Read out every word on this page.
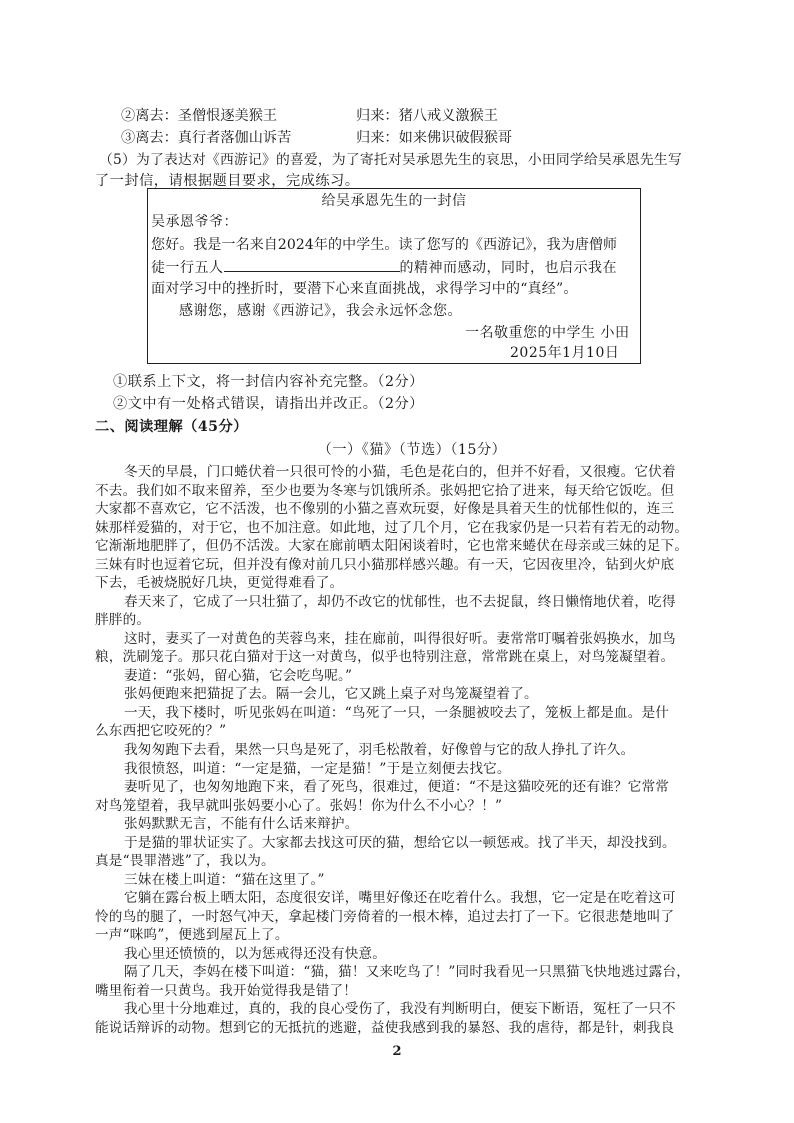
②离去：圣僧恨逐美猴王	归来：猪八戒义激猴王
③离去：真行者落伽山诉苦	归来：如来佛识破假猴哥
（5）为了表达对《西游记》的喜爱，为了寄托对吴承恩先生的哀思，小田同学给吴承恩先生写
了一封信，请根据题目要求，完成练习。
给吴承恩先生的一封信
吴承恩爷爷：
您好。我是一名来自2024年的中学生。读了您写的《西游记》，我为唐僧师
徒一行五人	的精神而感动，同时，也启示我在
面对学习中的挫折时，要潜下心来直面挑战，求得学习中的“真经”。
感谢您，感谢《西游记》，我会永远怀念您。
一名敬重您的中学生 小田
2025年1月10日
①联系上下文，将一封信内容补充完整。（2分）
②文中有一处格式错误，请指出并改正。（2分）
二、阅读理解（45分）
（一）《猫》（节选）（15分）
2
冬天的早晨，门口蜷伏着一只很可怜的小猫，毛色是花白的，但并不好看，又很瘦。它伏着
不去。我们如不取来留养，至少也要为冬寒与饥饿所杀。张妈把它拾了进来，每天给它饭吃。但
大家都不喜欢它，它不活泼，也不像别的小猫之喜欢玩耍，好像是具着天生的忧郁性似的，连三
妹那样爱猫的，对于它，也不加注意。如此地，过了几个月，它在我家仍是一只若有若无的动物。
它渐渐地肥胖了，但仍不活泼。大家在廊前晒太阳闲谈着时，它也常来蜷伏在母亲或三妹的足下。
三妹有时也逗着它玩，但并没有像对前几只小猫那样感兴趣。有一天，它因夜里冷，钻到火炉底
下去，毛被烧脱好几块，更觉得难看了。
春天来了，它成了一只壮猫了，却仍不改它的忧郁性，也不去捉鼠，终日懒惰地伏着，吃得
胖胖的。
这时，妻买了一对黄色的芙蓉鸟来，挂在廊前，叫得很好听。妻常常叮嘱着张妈换水，加鸟
粮，洗刷笼子。那只花白猫对于这一对黄鸟，似乎也特别注意，常常跳在桌上，对鸟笼凝望着。
妻道：“张妈，留心猫，它会吃鸟呢。”
张妈便跑来把猫捉了去。隔一会儿，它又跳上桌子对鸟笼凝望着了。
一天，我下楼时，听见张妈在叫道：“鸟死了一只，一条腿被咬去了，笼板上都是血。是什
么东西把它咬死的？”
我匆匆跑下去看，果然一只鸟是死了，羽毛松散着，好像曾与它的敌人挣扎了许久。
我很愤怒，叫道：“一定是猫，一定是猫！”于是立刻便去找它。
妻听见了，也匆匆地跑下来，看了死鸟，很难过，便道：“不是这猫咬死的还有谁？它常常
对鸟笼望着，我早就叫张妈要小心了。张妈！你为什么不小心？！”
张妈默默无言，不能有什么话来辩护。
于是猫的罪状证实了。大家都去找这可厌的猫，想给它以一顿惩戒。找了半天，却没找到。
真是“畏罪潜逃”了，我以为。
三妹在楼上叫道：“猫在这里了。”
它躺在露台板上晒太阳，态度很安详，嘴里好像还在吃着什么。我想，它一定是在吃着这可
怜的鸟的腿了，一时怒气冲天，拿起楼门旁倚着的一根木棒，追过去打了一下。它很悲楚地叫了
一声“咪呜”，便逃到屋瓦上了。
我心里还愤愤的，以为惩戒得还没有快意。
隔了几天，李妈在楼下叫道：“猫，猫！又来吃鸟了！”同时我看见一只黑猫飞快地逃过露台，
嘴里衔着一只黄鸟。我开始觉得我是错了！
我心里十分地难过，真的，我的良心受伤了，我没有判断明白，便妄下断语，冤枉了一只不
能说话辩诉的动物。想到它的无抵抗的逃避，益使我感到我的暴怒、我的虐待，都是针，刺我良
